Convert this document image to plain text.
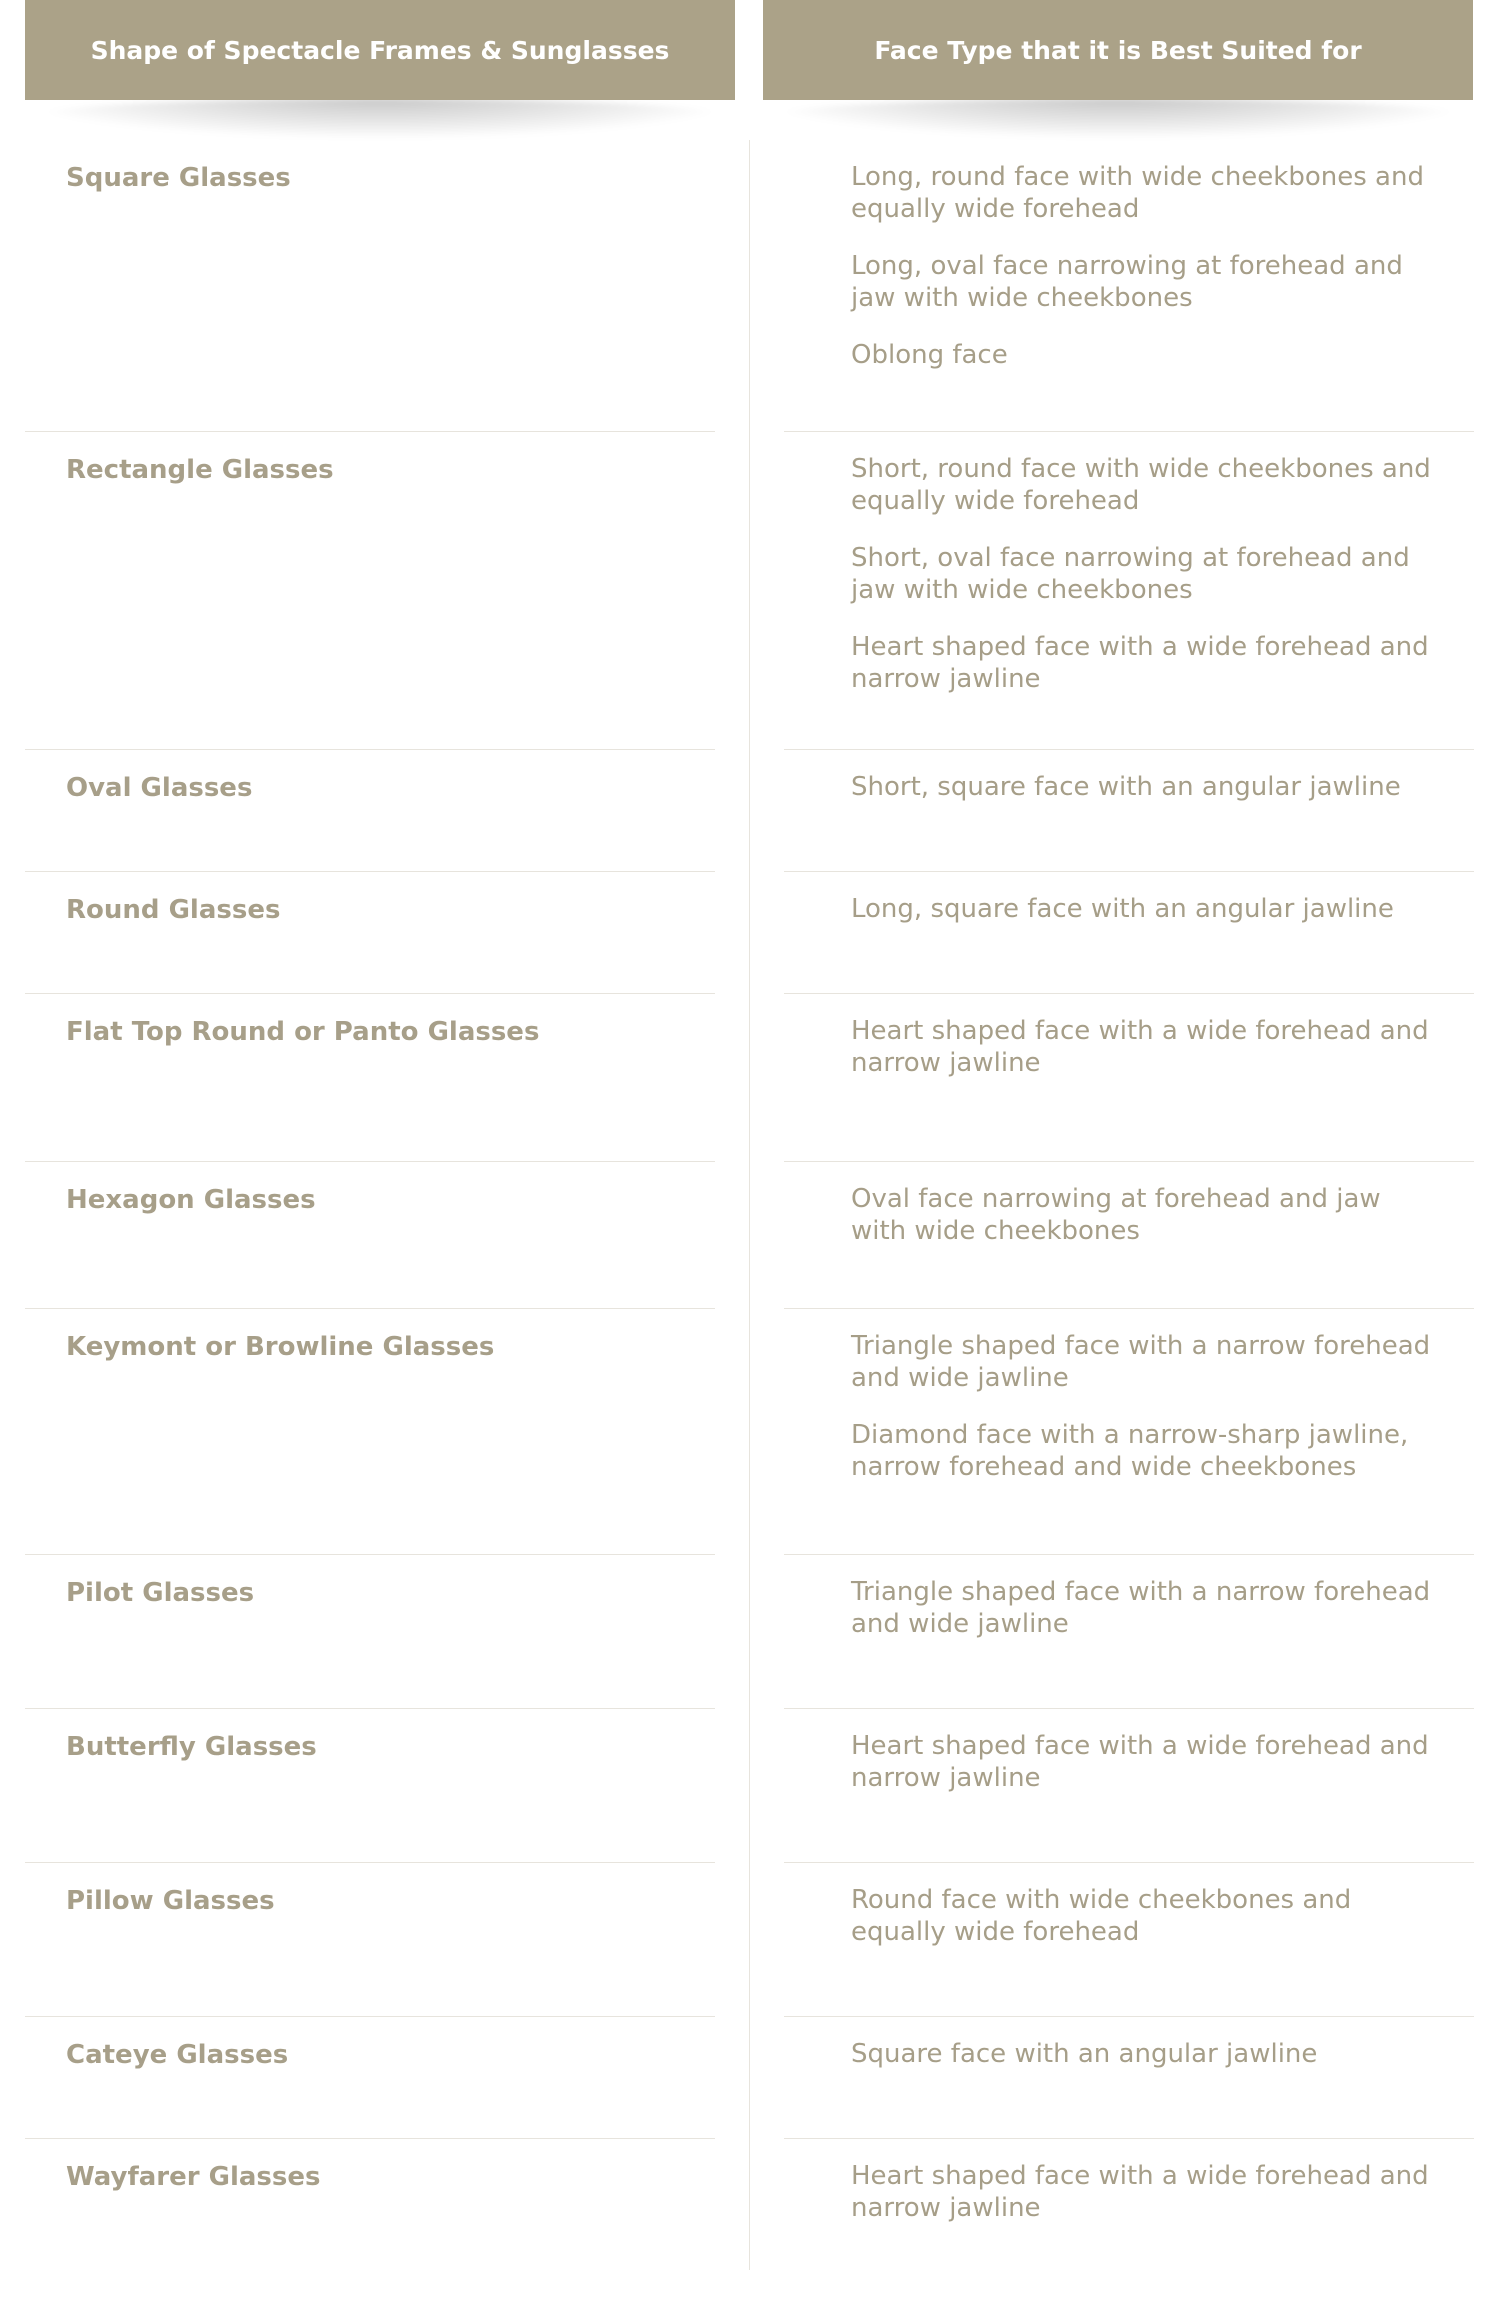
Shape of Spectacle Frames & Sunglasses	Face Type that it is Best Suited for
Square Glasses	Long, round face with wide cheekbones and equally wide forehead
Long, oval face narrowing at forehead and jaw with wide cheekbones
Oblong face
Rectangle Glasses	Short, round face with wide cheekbones and equally wide forehead
Short, oval face narrowing at forehead and jaw with wide cheekbones
Heart shaped face with a wide forehead and narrow jawline
Oval Glasses	Short, square face with an angular jawline
Round Glasses	Long, square face with an angular jawline
Flat Top Round or Panto Glasses	Heart shaped face with a wide forehead and narrow jawline
Hexagon Glasses	Oval face narrowing at forehead and jaw with wide cheekbones
Keymont or Browline Glasses	Triangle shaped face with a narrow forehead and wide jawline
Diamond face with a narrow-sharp jawline, narrow forehead and wide cheekbones
Pilot Glasses	Triangle shaped face with a narrow forehead and wide jawline
Butterfly Glasses	Heart shaped face with a wide forehead and narrow jawline
Pillow Glasses	Round face with wide cheekbones and equally wide forehead
Cateye Glasses	Square face with an angular jawline
Wayfarer Glasses	Heart shaped face with a wide forehead and narrow jawline
